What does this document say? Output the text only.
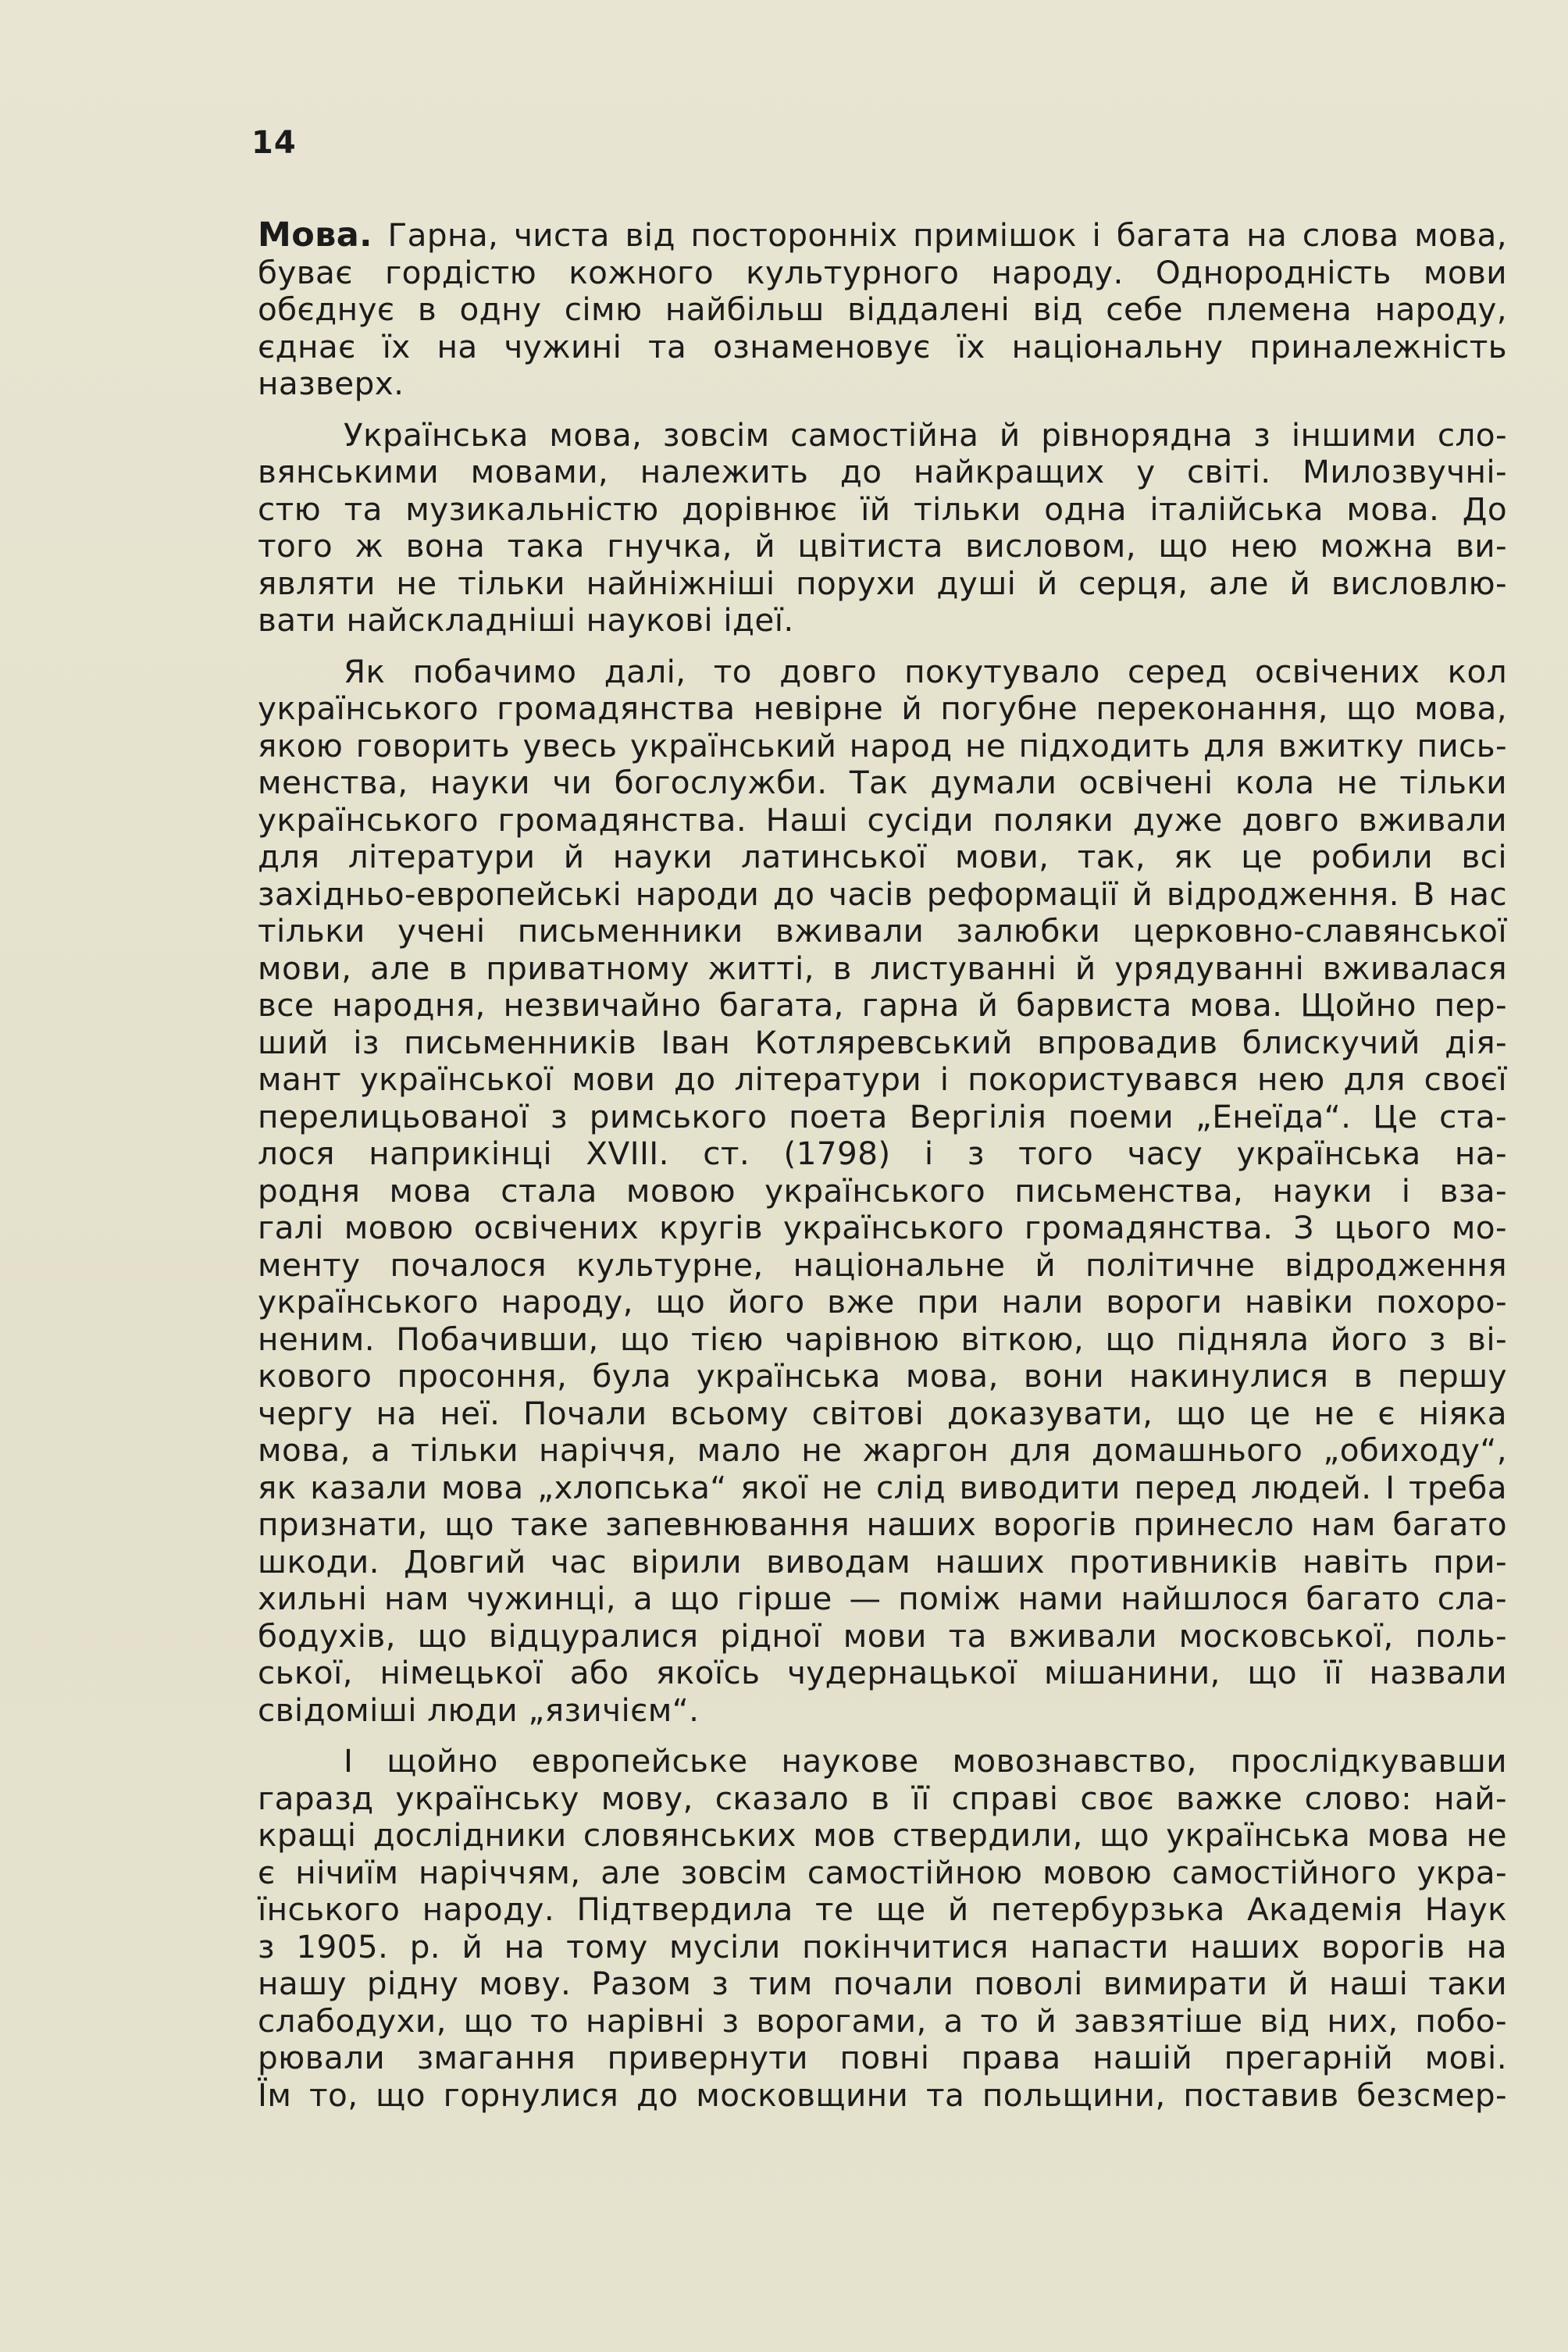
14
Мова. Гарна, чиста від посторонніх примішок і багата на слова мова,
буває гордістю кожного культурного народу. Однородність мови
обєднує в одну сімю найбільш віддалені від себе племена народу,
єднає їх на чужині та ознаменовує їх національну приналежність
назверх.
Українська мова, зовсім самостійна й рівнорядна з іншими сло-
вянськими мовами, належить до найкращих у світі. Милозвучні-
стю та музикальністю дорівнює їй тільки одна італійська мова. До
того ж вона така гнучка, й цвітиста висловом, що нею можна ви-
являти не тільки найніжніші порухи душі й серця, але й висловлю-
вати найскладніші наукові ідеї.
Як побачимо далі, то довго покутувало серед освічених кол
українського громадянства невірне й погубне переконання, що мова,
якою говорить увесь український народ не підходить для вжитку пись-
менства, науки чи богослужби. Так думали освічені кола не тільки
українського громадянства. Наші сусіди поляки дуже довго вживали
для літератури й науки латинської мови, так, як це робили всі
західньо-европейські народи до часів реформації й відродження. В нас
тільки учені письменники вживали залюбки церковно-славянської
мови, але в приватному житті, в листуванні й урядуванні вживалася
все народня, незвичайно багата, гарна й барвиста мова. Щойно пер-
ший із письменників Іван Котляревський впровадив блискучий дія-
мант української мови до літератури і покористувався нею для своєї
перелицьованої з римського поета Вергілія поеми „Енеїда“. Це ста-
лося наприкінці XVIII. ст. (1798) і з того часу українська на-
родня мова стала мовою українського письменства, науки і вза-
галі мовою освічених кругів українського громадянства. З цього мо-
менту почалося культурне, національне й політичне відродження
українського народу, що його вже при нали вороги навіки похоро-
неним. Побачивши, що тією чарівною віткою, що підняла його з ві-
кового просоння, була українська мова, вони накинулися в першу
чергу на неї. Почали всьому світові доказувати, що це не є ніяка
мова, а тільки наріччя, мало не жаргон для домашнього „обиходу“,
як казали мова „хлопська“ якої не слід виводити перед людей. І треба
признати, що таке запевнювання наших ворогів принесло нам багато
шкоди. Довгий час вірили виводам наших противників навіть при-
хильні нам чужинці, а що гірше — поміж нами найшлося багато сла-
бодухів, що відцуралися рідної мови та вживали московської, поль-
ської, німецької або якоїсь чудернацької мішанини, що її назвали
свідоміші люди „язичієм“.
І щойно европейське наукове мовознавство, прослідкувавши
гаразд українську мову, сказало в її справі своє важке слово: най-
кращі дослідники словянських мов ствердили, що українська мова не
є нічиїм наріччям, але зовсім самостійною мовою самостійного укра-
їнського народу. Підтвердила те ще й петербурзька Академія Наук
з 1905. р. й на тому мусіли покінчитися напасти наших ворогів на
нашу рідну мову. Разом з тим почали поволі вимирати й наші таки
слабодухи, що то нарівні з ворогами, а то й завзятіше від них, побо-
рювали змагання привернути повні права нашій прегарній мові.
Їм то, що горнулися до московщини та польщини, поставив безсмер-
